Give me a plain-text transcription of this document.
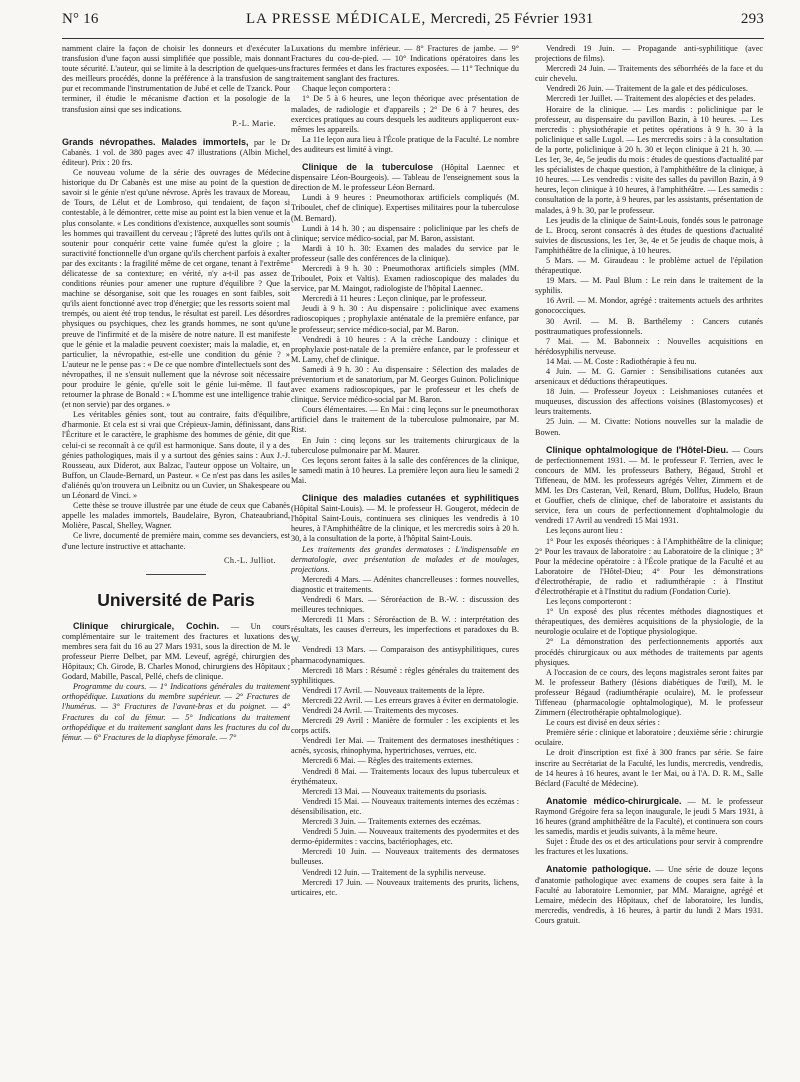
N° 16	LA PRESSE MÉDICALE, Mercredi, 25 Février 1931	293

namment claire la façon de choisir les donneurs et d'exécuter la transfusion d'une façon aussi simplifiée que possible, mais donnant toute sécurité. L'auteur, qui se limite à la description de quelques-uns des meilleurs procédés, donne la préférence à la transfusion de sang pur et recommande l'instrumentation de Jubé et celle de Tzanck. Pour terminer, il étudie le mécanisme d'action et la posologie de la transfusion ainsi que ses indications.

P.-L. Marie.

Grands névropathes. Malades immortels, par le Dr Cabanès. 1 vol. de 380 pages avec 47 illustrations (Albin Michel, éditeur). Prix : 20 frs.

Ce nouveau volume de la série des ouvrages de Médecine historique du Dr Cabanès est une mise au point de la question de savoir si le génie n'est qu'une névrose. Après les travaux de Moreau, de Tours, de Lélut et de Lombroso, qui tendaient, de façon si contestable, à le démontrer, cette mise au point est la bien venue et la plus consolante. « Les conditions d'existence, auxquelles sont soumis les hommes qui travaillent du cerveau ; l'âpreté des luttes qu'ils ont à soutenir pour conquérir cette vaine fumée qu'est la gloire ; la suractivité fonctionnelle d'un organe qu'ils cherchent parfois à exalter par des excitants : la fragilité même de cet organe, tenant à l'extrême délicatesse de sa contexture; en vérité, n'y a-t-il pas assez de conditions réunies pour amener une rupture d'équilibre ? Que la machine se désorganise, soit que les rouages en sont faibles, soit qu'ils aient fonctionné avec trop d'énergie; que les ressorts soient mal trempés, ou aient été trop tendus, le résultat est pareil. Les désordres physiques ou psychiques, chez les grands hommes, ne sont qu'une preuve de l'infirmité et de la misère de notre nature. Il est manifeste que le génie et la maladie peuvent coexister; mais la maladie, et, en particulier, la névropathie, est-elle une condition du génie ? » L'auteur ne le pense pas : « De ce que nombre d'intellectuels sont des névropathes, il ne s'ensuit nullement que la névrose soit nécessaire pour produire le génie, qu'elle soit le génie lui-même. Il faut retourner la phrase de Bonald : « L'homme est une intelligence trahie (et non servie) par des organes. »

Les véritables génies sont, tout au contraire, faits d'équilibre, d'harmonie. Et cela est si vrai que Crépieux-Jamin, définissant, dans l'Écriture et le caractère, le graphisme des hommes de génie, dit que celui-ci se reconnaît à ce qu'il est harmonique. Sans doute, il y a des génies pathologiques, mais il y a surtout des génies sains : Aux J.-J. Rousseau, aux Diderot, aux Balzac, l'auteur oppose un Voltaire, un Buffon, un Claude-Bernard, un Pasteur. « Ce n'est pas dans les asiles d'aliénés qu'on trouvera un Leibnitz ou un Cuvier, un Shakespeare ou un Léonard de Vinci. »

Cette thèse se trouve illustrée par une étude de ceux que Cabanès appelle les malades immortels, Baudelaire, Byron, Chateaubriand, Molière, Pascal, Shelley, Wagner.

Ce livre, documenté de première main, comme ses devanciers, est d'une lecture instructive et attachante.

Ch.-L. Julliot.
Université de Paris

Clinique chirurgicale, Cochin. — Un cours complémentaire sur le traitement des fractures et luxations des membres sera fait du 16 au 27 Mars 1931, sous la direction de M. le professeur Pierre Delbet, par MM. Leveuf, agrégé, chirurgien des Hôpitaux; Ch. Girode, B. Charles Monod, chirurgiens des Hôpitaux ; Godard, Mabille, Pascal, Pellé, chefs de clinique.

Programme du cours. — 1° Indications générales du traitement orthopédique. Luxations du membre supérieur. — 2° Fractures de l'humérus. — 3° Fractures de l'avant-bras et du poignet. — 4° Fractures du col du fémur. — 5° Indications du traitement orthopédique et du traitement sanglant dans les fractures du col du fémur. — 6° Fractures de la diaphyse fémorale. — 7°

Luxations du membre inférieur. — 8° Fractures de jambe. — 9° Fractures du cou-de-pied. — 10° Indications opératoires dans les fractures fermées et dans les fractures exposées. — 11° Technique du traitement sanglant des fractures.

Chaque leçon comportera :

1° De 5 à 6 heures, une leçon théorique avec présentation de malades, de radiologie et d'appareils ; 2° De 6 à 7 heures, des exercices pratiques au cours desquels les auditeurs appliqueront eux-mêmes les appareils.

La 11e leçon aura lieu à l'École pratique de la Faculté. Le nombre des auditeurs est limité à vingt.

Clinique de la tuberculose (Hôpital Laennec et dispensaire Léon-Bourgeois). — Tableau de l'enseignement sous la direction de M. le professeur Léon Bernard.

Lundi à 9 heures : Pneumothorax artificiels compliqués (M. Triboulet, chef de clinique). Expertises militaires pour la tuberculose (M. Bernard).

Lundi à 14 h. 30 ; au dispensaire : policlinique par les chefs de clinique; service médico-social, par M. Baron, assistant.

Mardi à 10 h. 30: Examen des malades du service par le professeur (salle des conférences de la clinique).

Mercredi à 9 h. 30 : Pneumothorax artificiels simples (MM. Triboulet, Poix et Valtis). Examen radioscopique des malades du service, par M. Maingot, radiologiste de l'hôpital Laennec.

Mercredi à 11 heures : Leçon clinique, par le professeur.

Jeudi à 9 h. 30 : Au dispensaire : policlinique avec examens radioscopiques ; prophylaxie anténatale de la première enfance, par le professeur; service médico-social, par M. Baron.

Vendredi à 10 heures : A la crèche Landouzy : clinique et prophylaxie post-natale de la première enfance, par le professeur et M. Lamy, chef de clinique.

Samedi à 9 h. 30 : Au dispensaire : Sélection des malades de préventorium et de sanatorium, par M. Georges Guinon. Policlinique avec examens radioscopiques, par le professeur et les chefs de clinique. Service médico-social par M. Baron.

Cours élémentaires. — En Mai : cinq leçons sur le pneumothorax artificiel dans le traitement de la tuberculose pulmonaire, par M. Rist.

En Juin : cinq leçons sur les traitements chirurgicaux de la tuberculose pulmonaire par M. Maurer.

Ces leçons seront faites à la salle des conférences de la clinique, le samedi matin à 10 heures. La première leçon aura lieu le samedi 2 Mai.

Clinique des maladies cutanées et syphilitiques (Hôpital Saint-Louis). — M. le professeur H. Gougerot, médecin de l'hôpital Saint-Louis, continuera ses cliniques les vendredis à 10 heures, à l'Amphithéâtre de la clinique, et les mercredis soirs à 20 h. 30, à la consultation de la porte, à l'hôpital Saint-Louis.

Les traitements des grandes dermatoses : L'indispensable en dermatologie, avec présentation de malades et de moulages, projections.

Mercredi 4 Mars. — Adénites chancrelleuses : formes nouvelles, diagnostic et traitements.

Vendredi 6 Mars. — Séroréaction de B.-W. : discussion des meilleures techniques.

Mercredi 11 Mars : Séroréaction de B. W. : interprétation des résultats, les causes d'erreurs, les imperfections et paradoxes du B. W.

Vendredi 13 Mars. — Comparaison des antisyphilitiques, cures pharmacodynamiques.

Mercredi 18 Mars : Résumé : règles générales du traitement des syphilitiques.

Vendredi 17 Avril. — Nouveaux traitements de la lèpre.

Mercredi 22 Avril. — Les erreurs graves à éviter en dermatologie.

Vendredi 24 Avril. — Traitements des mycoses.

Mercredi 29 Avril : Manière de formuler : les excipients et les corps actifs.

Vendredi 1er Mai. — Traitement des dermatoses inesthétiques : acnés, sycosis, rhinophyma, hypertrichoses, verrues, etc.

Mercredi 6 Mai. — Règles des traitements externes.

Vendredi 8 Mai. — Traitements locaux des lupus tuberculeux et érythémateux.

Mercredi 13 Mai. — Nouveaux traitements du psoriasis.

Vendredi 15 Mai. — Nouveaux traitements internes des eczémas : désensibilisation, etc.

Mercredi 3 Juin. — Traitements externes des eczémas.

Vendredi 5 Juin. — Nouveaux traitements des pyodermites et des dermo-épidermites : vaccins, bactériophages, etc.

Mercredi 10 Juin. — Nouveaux traitements des dermatoses bulleuses.

Vendredi 12 Juin. — Traitement de la syphilis nerveuse.

Mercredi 17 Juin. — Nouveaux traitements des prurits, lichens, urticaires, etc.

Vendredi 19 Juin. — Propagande anti-syphilitique (avec projections de films).

Mercredi 24 Juin. — Traitements des séborrhéés de la face et du cuir chevelu.

Vendredi 26 Juin. — Traitement de la gale et des pédiculoses.

Mercredi 1er Juillet. — Traitement des alopécies et des pelades.

Horaire de la clinique. — Les mardis : policlinique par le professeur, au dispensaire du pavillon Bazin, à 10 heures. — Les mercredis : physiothérapie et petites opérations à 9 h. 30 à la policlinique et salle Lugol. — Les mercredis soirs : à la consultation de la porte, policlinique à 20 h. 30 et leçon clinique à 21 h. 30. — Les 1er, 3e, 4e, 5e jeudis du mois : études de questions d'actualité par les spécialistes de chaque question, à l'amphithéâtre de la clinique, à 10 heures. — Les vendredis : visite des salles du pavillon Bazin, à 9 heures, leçon clinique à 10 heures, à l'amphithéâtre. — Les samedis : consultation de la porte, à 9 heures, par les assistants, présentation de malades, à 9 h. 30, par le professeur.

Les jeudis de la clinique de Saint-Louis, fondés sous le patronage de L. Brocq, seront consacrés à des études de questions d'actualité suivies de discussions, les 1er, 3e, 4e et 5e jeudis de chaque mois, à l'amphithéâtre de la clinique, à 10 heures.

5 Mars. — M. Giraudeau : le problème actuel de l'épilation thérapeutique.

19 Mars. — M. Paul Blum : Le rein dans le traitement de la syphilis.

16 Avril. — M. Mondor, agrégé : traitements actuels des arthrites gonococciques.

30 Avril. — M. B. Barthélemy : Cancers cutanés posttraumatiques professionnels.

7 Mai. — M. Babonneix : Nouvelles acquisitions en hérédosyphilis nerveuse.

14 Mai. — M. Coste : Radiothérapie à feu nu.

4 Juin. — M. G. Garnier : Sensibilisations cutanées aux arsenicaux et déductions thérapeutiques.

18 Juin. — Professeur Joyeux : Leishmanioses cutanées et muqueuses, discussion des affections voisines (Blastomycoses) et leurs traitements.

25 Juin. — M. Civatte: Notions nouvelles sur la maladie de Bowen.

Clinique ophtalmologique de l'Hôtel-Dieu. — Cours de perfectionnement 1931. — M. le professeur F. Terrien, avec le concours de MM. les professeurs Bathery, Bégaud, Strohl et Tiffeneau, de MM. les professeurs agrégés Velter, Zimmern et de MM. les Drs Casteran, Veil, Renard, Blum, Dollfus, Hudelo, Braun et Gouffier, chefs de clinique, chef de laboratoire et assistants du service, fera un cours de perfectionnement d'ophtalmologie du vendredi 17 Avril au vendredi 15 Mai 1931.

Les leçons auront lieu :

1° Pour les exposés théoriques : à l'Amphithéâtre de la clinique; 2° Pour les travaux de laboratoire : au Laboratoire de la clinique ; 3° Pour la médecine opératoire : à l'École pratique de la Faculté et au Laboratoire de l'Hôtel-Dieu; 4° Pour les démonstrations d'électrothérapie, de radio et radiumthérapie : à l'Institut d'électrothérapie et à l'Institut du radium (Fondation Curie).

Les leçons comporteront :

1° Un exposé des plus récentes méthodes diagnostiques et thérapeutiques, des dernières acquisitions de la physiologie, de la neurologie oculaire et de l'optique physiologique.

2° La démonstration des perfectionnements apportés aux procédés chirurgicaux ou aux méthodes de traitements par agents physiques.

A l'occasion de ce cours, des leçons magistrales seront faites par M. le professeur Bathery (lésions diabétiques de l'œil), M. le professeur Bégaud (radiumthérapie oculaire), M. le professeur Tiffeneau (pharmacologie ophtalmologique), M. le professeur Zimmern (électrothérapie ophtalmologique).

Le cours est divisé en deux séries :

Première série : clinique et laboratoire ; deuxième série : chirurgie oculaire.

Le droit d'inscription est fixé à 300 francs par série. Se faire inscrire au Secrétariat de la Faculté, les lundis, mercredis, vendredis, de 14 heures à 16 heures, avant le 1er Mai, ou à l'A. D. R. M., Salle Béclard (Faculté de Médecine).

Anatomie médico-chirurgicale. — M. le professeur Raymond Grégoire fera sa leçon inaugurale, le jeudi 5 Mars 1931, à 16 heures (grand amphithéâtre de la Faculté), et continuera son cours les samedis, mardis et jeudis suivants, à la même heure.

Sujet : Étude des os et des articulations pour servir à comprendre les fractures et les luxations.

Anatomie pathologique. — Une série de douze leçons d'anatomie pathologique avec examens de coupes sera faite à la Faculté au laboratoire Lemonnier, par MM. Maraigne, agrégé et Lemaire, médecin des Hôpitaux, chef de laboratoire, les lundis, mercredis, vendredis, à 16 heures, à partir du lundi 2 Mars 1931. Cours gratuit.
